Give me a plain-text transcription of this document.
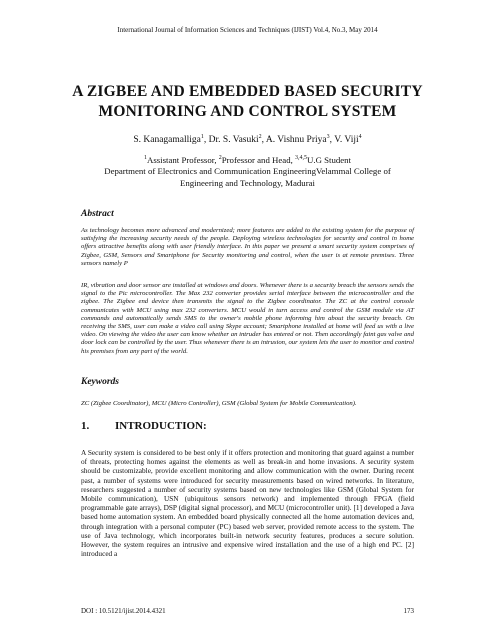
International Journal of Information Sciences and Techniques (IJIST) Vol.4, No.3, May 2014
A ZIGBEE AND EMBEDDED BASED SECURITY
MONITORING AND CONTROL SYSTEM
S. Kanagamalliga$^1$, Dr. S. Vasuki$^2$, A. Vishnu Priya$^3$, V. Viji$^4$
$^1$Assistant Professor, $^2$Professor and Head, $^{3,4,5}$U.G Student
Department of Electronics and Communication EngineeringVelammal College of
Engineering and Technology, Madurai
Abstract
As technology becomes more advanced and modernized; more features are added to the existing system for the purpose of satisfying the increasing security needs of the people. Deploying wireless technologies for security and control in home offers attractive benefits along with user friendly interface. In this paper we present a smart security system comprises of Zigbee, GSM, Sensors and Smartphone for Security monitoring and control, when the user is at remote premises. Three sensors namely P
IR, vibration and door sensor are installed at windows and doors. Whenever there is a security breach the sensors sends the signal to the Pic microcontroller. The Max 232 converter provides serial interface between the microcontroller and the zigbee. The Zigbee end device then transmits the signal to the Zigbee coordinator. The ZC at the control console communicates with MCU using max 232 converters. MCU would in turn access and control the GSM module via AT commands and automatically sends SMS to the owner's mobile phone informing him about the security breach. On receiving the SMS, user can make a video call using Skype account; Smartphone installed at home will feed us with a live video. On viewing the video the user can know whether an intruder has entered or not. Then accordingly faint gas valve and door lock can be controlled by the user. Thus whenever there is an intrusion, our system lets the user to monitor and control his premises from any part of the world.
Keywords
ZC (Zigbee Coordinator), MCU (Micro Controller), GSM (Global System for Mobile Communication).
1. INTRODUCTION:
A Security system is considered to be best only if it offers protection and monitoring that guard against a number of threats, protecting homes against the elements as well as break-in and home invasions. A security system should be customizable, provide excellent monitoring and allow communication with the owner. During recent past, a number of systems were introduced for security measurements based on wired networks. In literature, researchers suggested a number of security systems based on new technologies like GSM (Global System for Mobile communication), USN (ubiquitous sensors network) and implemented through FPGA (field programmable gate arrays), DSP (digital signal processor), and MCU (microcontroller unit). [1] developed a Java based home automation system. An embedded board physically connected all the home automation devices and, through integration with a personal computer (PC) based web server, provided remote access to the system. The use of Java technology, which incorporates built-in network security features, produces a secure solution. However, the system requires an intrusive and expensive wired installation and the use of a high end PC. [2] introduced a
DOI : 10.5121/ijist.2014.4321	173
